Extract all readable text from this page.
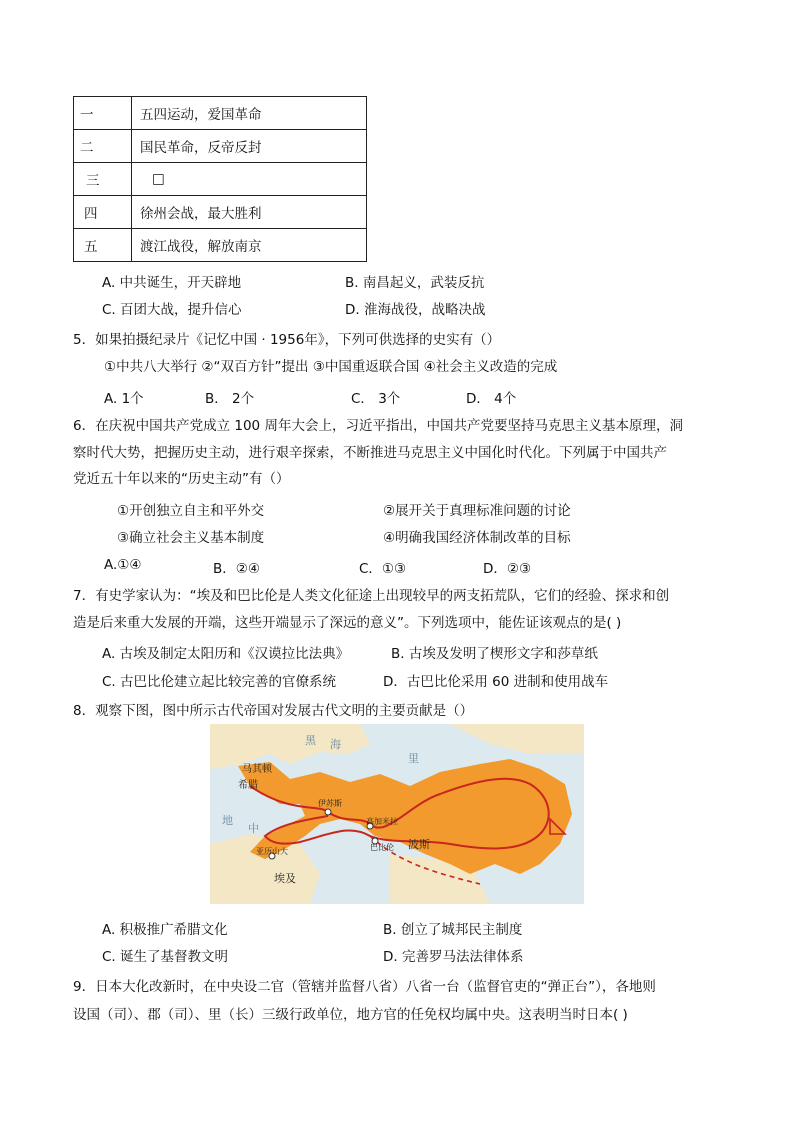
一	五四运动，爱国革命
二	国民革命，反帝反封
三	□
四	徐州会战，最大胜利
五	渡江战役，解放南京
A. 中共诞生，开天辟地	B. 南昌起义，武装反抗
C. 百团大战，提升信心	D. 淮海战役，战略决战
5．如果拍摄纪录片《记忆中国 · 1956年》，下列可供选择的史实有（）
①中共八大举行 ②“双百方针”提出 ③中国重返联合国 ④社会主义改造的完成
A. 1个	B． 2个	C． 3个	D． 4个
6．在庆祝中国共产党成立 100 周年大会上，习近平指出，中国共产党要坚持马克思主义基本原理，洞
察时代大势，把握历史主动，进行艰辛探索，不断推进马克思主义中国化时代化。下列属于中国共产
党近五十年以来的“历史主动”有（）
①开创独立自主和平外交	②展开关于真理标准问题的讨论
③确立社会主义基本制度	④明确我国经济体制改革的目标
A.①④	B．②④	C．①③	D．②③
7．有史学家认为：“埃及和巴比伦是人类文化征途上出现较早的两支拓荒队，它们的经验、探求和创
造是后来重大发展的开端，这些开端显示了深远的意义”。下列选项中，能佐证该观点的是( )
A. 古埃及制定太阳历和《汉谟拉比法典》	B. 古埃及发明了楔形文字和莎草纸
C. 古巴比伦建立起比较完善的官僚系统	D．古巴比伦采用 60 进制和使用战车
8．观察下图，图中所示古代帝国对发展古代文明的主要贡献是（）
马其顿
希腊
伊苏斯
高加米拉
巴比伦
亚历山大
埃及
波斯
黑 海
地
中
里
A. 积极推广希腊文化	B. 创立了城邦民主制度
C. 诞生了基督教文明	D. 完善罗马法法律体系
9．日本大化改新时，在中央设二官（管辖并监督八省）八省一台（监督官吏的“弹正台”），各地则
设国（司）、郡（司）、里（长）三级行政单位，地方官的任免权均属中央。这表明当时日本( )
